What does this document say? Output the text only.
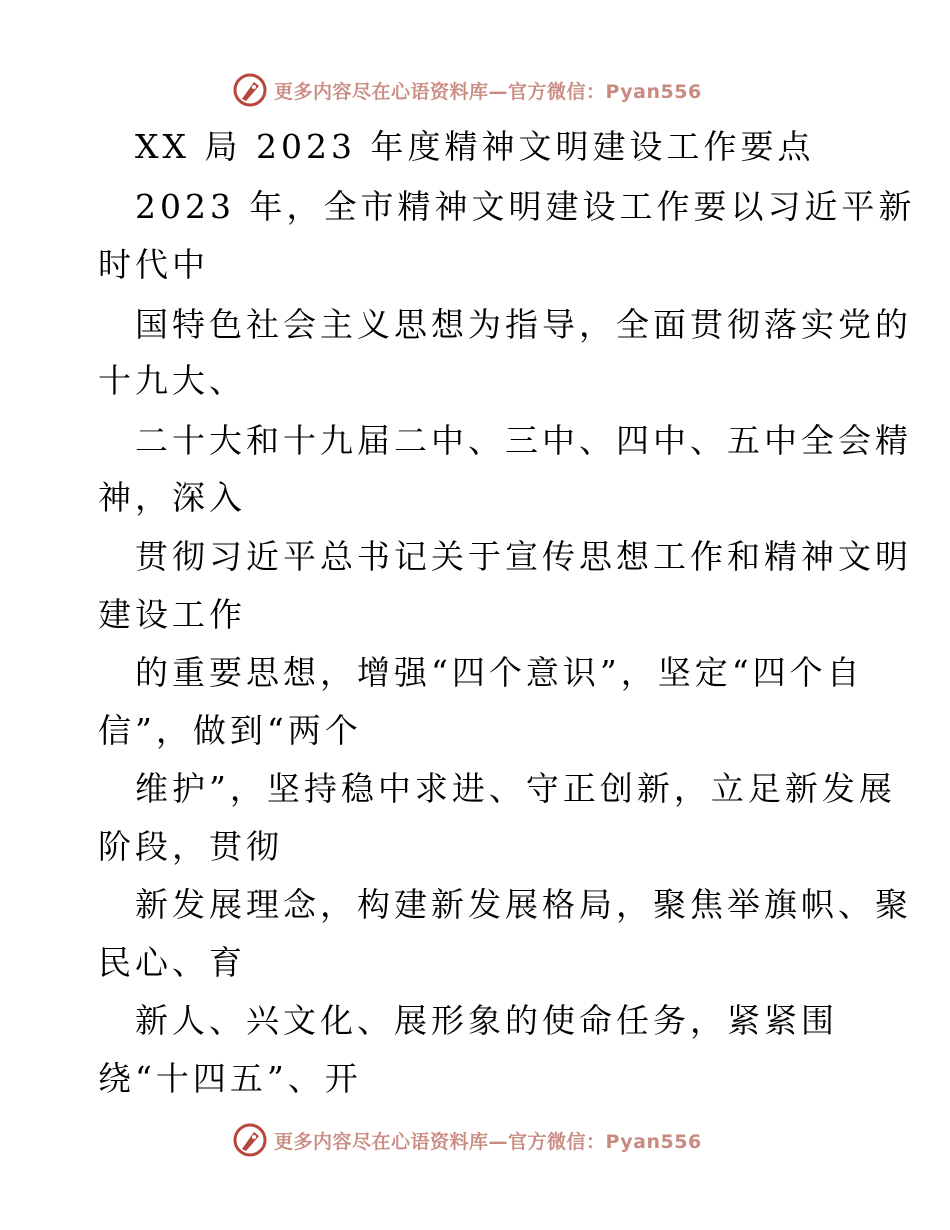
更多内容尽在心语资料库—官方微信：Pyan556
XX 局 2023 年度精神文明建设工作要点
2023 年，全市精神文明建设工作要以习近平新
时代中
国特色社会主义思想为指导，全面贯彻落实党的
十九大、
二十大和十九届二中、三中、四中、五中全会精
神，深入
贯彻习近平总书记关于宣传思想工作和精神文明
建设工作
的重要思想，增强“四个意识”，坚定“四个自
信”，做到“两个
维护”，坚持稳中求进、守正创新，立足新发展
阶段，贯彻
新发展理念，构建新发展格局，聚焦举旗帜、聚
民心、育
新人、兴文化、展形象的使命任务，紧紧围
绕“十四五”、开
更多内容尽在心语资料库—官方微信：Pyan556
